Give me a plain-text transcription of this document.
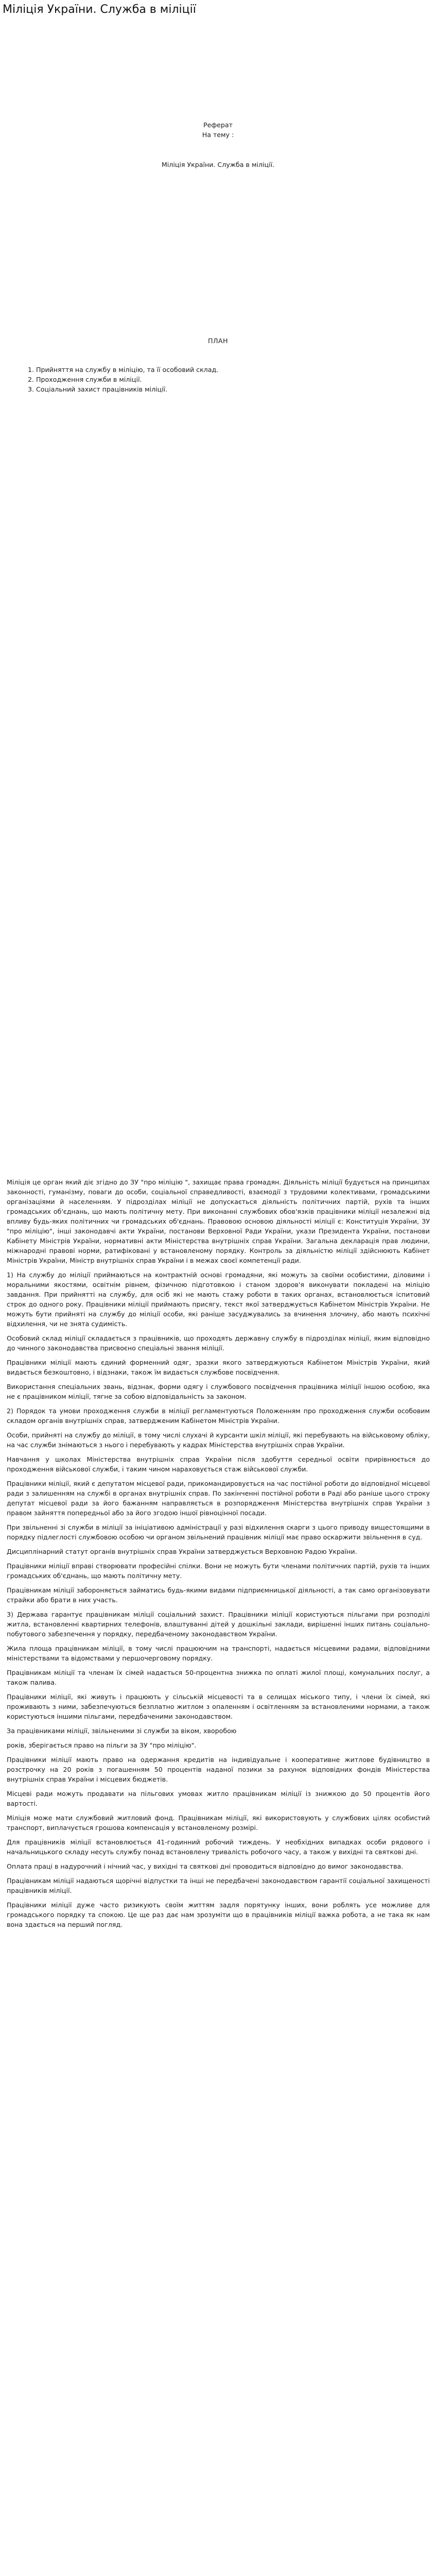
Міліція України. Служба в міліції

Реферат

На тему :

Міліція України. Служба в міліції.

ПЛАН

1. Прийняття на службу в міліцію, та її особовий склад.
2. Проходження служби в міліції.
3. Соціальний захист працівників міліції.

Міліція це орган який діє згідно до ЗУ "про міліцію ", захищає права громадян. Діяльність міліції будується на принципах законності, гуманізму, поваги до особи, соціальної справедливості, взаємодії з трудовими колективами, громадськими організаціями й населенням. У підрозділах міліції не допускається діяльність політичних партій, рухів та інших громадських об'єднань, що мають політичну мету. При виконанні службових обов'язків працівники міліції незалежні від впливу будь-яких політичних чи громадських об'єднань. Правовою основою діяльності міліції є: Конституція України, ЗУ "про міліцію", інші законодавчі акти України, постанови Верховної Ради України, укази Президента України, постанови Кабінету Міністрів України, нормативні акти Міністерства внутрішніх справ України. Загальна декларація прав людини, міжнародні правові норми, ратифіковані у встановленому порядку. Контроль за діяльністю міліції здійснюють Кабінет Міністрів України, Міністр внутрішніх справ України і в межах своєї компетенції ради.

1) На службу до міліції приймаються на контрактній основі громадяни, які можуть за своїми особистими, діловими і моральними якостями, освітнім рівнем, фізичною підготовкою і станом здоров'я виконувати покладені на міліцію завдання. При прийнятті на службу, для осіб які не мають стажу роботи в таких органах, встановлюється іспитовий строк до одного року. Працівники міліції приймають присягу, текст якої затверджується Кабінетом Міністрів України. Не можуть бути прийняті на службу до міліції особи, які раніше засуджувались за вчинення злочину, або мають психічні відхилення, чи не знята судимість.

Особовий склад міліції складається з працівників, що проходять державну службу в підрозділах міліції, яким відповідно до чинного законодавства присвоєно спеціальні звання міліції.

Працівники міліції мають єдиний форменний одяг, зразки якого затверджуються Кабінетом Міністрів України, який видається безкоштовно, і відзнаки, також їм видається службове посвідчення.

Використання спеціальних звань, відзнак, форми одягу і службового посвідчення працівника міліції іншою особою, яка не є працівником міліції, тягне за собою відповідальність за законом.

2) Порядок та умови проходження служби в міліції регламентуються Положенням про проходження служби особовим складом органів внутрішніх справ, затвердженим Кабінетом Міністрів України.

Особи, прийняті на службу до міліції, в тому числі слухачі й курсанти шкіл міліції, які перебувають на військовому обліку, на час служби знімаються з нього і перебувають у кадрах Міністерства внутрішніх справ України.

Навчання у школах Міністерства внутрішніх справ України після здобуття середньої освіти прирівнюється до проходження військової служби, і таким чином нараховується стаж військової служби.

Працівники міліції, який є депутатом місцевої ради, прикомандировується на час постійної роботи до відповідної місцевої ради з залишенням на службі в органах внутрішніх справ. По закінченні постійної роботи в Раді або раніше цього строку депутат місцевої ради за його бажанням направляється в розпорядження Міністерства внутрішніх справ України з правом зайняття попередньої або за його згодою іншої рівноцінної посади.

При звільненні зі служби в міліції за ініціативою адміністрації у разі відхилення скарги з цього приводу вищестоящими в порядку підлеглості службовою особою чи органом звільнений працівник міліції має право оскаржити звільнення в суд.

Дисциплінарний статут органів внутрішніх справ України затверджується Верховною Радою України.

Працівники міліції вправі створювати професійні спілки. Вони не можуть бути членами політичних партій, рухів та інших громадських об'єднань, що мають політичну мету.

Працівникам міліції забороняється займатись будь-якими видами підприємницької діяльності, а так само організовувати страйки або брати в них участь.

3) Держава гарантує працівникам міліції соціальний захист. Працівники міліції користуються пільгами при розподілі житла, встановленні квартирних телефонів, влаштуванні дітей у дошкільні заклади, вирішенні інших питань соціально-побутового забезпечення у порядку, передбаченому законодавством України.

Жила площа працівникам міліції, в тому числі працюючим на транспорті, надається місцевими радами, відповідними міністерствами та відомствами у першочерговому порядку.

Працівникам міліції та членам їх сімей надається 50-процентна знижка по оплаті жилої площі, комунальних послуг, а також палива.

Працівники міліції, які живуть і працюють у сільській місцевості та в селищах міського типу, і члени їх сімей, які проживають з ними, забезпечуються безплатно житлом з опаленням і освітленням за встановленими нормами, а також користуються іншими пільгами, передбаченими законодавством.

За працівниками міліції, звільненими зі служби за віком, хворобою

років, зберігається право на пільги за ЗУ "про міліцію".

Працівники міліції мають право на одержання кредитів на індивідуальне і кооперативне житлове будівництво в розстрочку на 20 років з погашенням 50 процентів наданої позики за рахунок відповідних фондів Міністерства внутрішніх справ України і місцевих бюджетів.

Місцеві ради можуть продавати на пільгових умовах житло працівникам міліції із знижкою до 50 процентів його вартості.

Міліція може мати службовий житловий фонд. Працівникам міліції, які використовують у службових цілях особистий транспорт, виплачується грошова компенсація у встановленому розмірі.

Для працівників міліції встановлюється 41-годинний робочий тиждень. У необхідних випадках особи рядового і начальницького складу несуть службу понад встановлену тривалість робочого часу, а також у вихідні та святкові дні.

Оплата праці в надурочний і нічний час, у вихідні та святкові дні проводиться відповідно до вимог законодавства.

Працівникам міліції надаються щорічні відпустки та інші не передбачені законодавством гарантії соціальної захищеності працівників міліції.

Працівники міліції дуже часто ризикують своїм життям задля порятунку інших, вони роблять усе можливе для громадського порядку та спокою. Це ще раз дає нам зрозуміти що в працівників міліції важка робота, а не така як нам вона здається на перший погляд.
